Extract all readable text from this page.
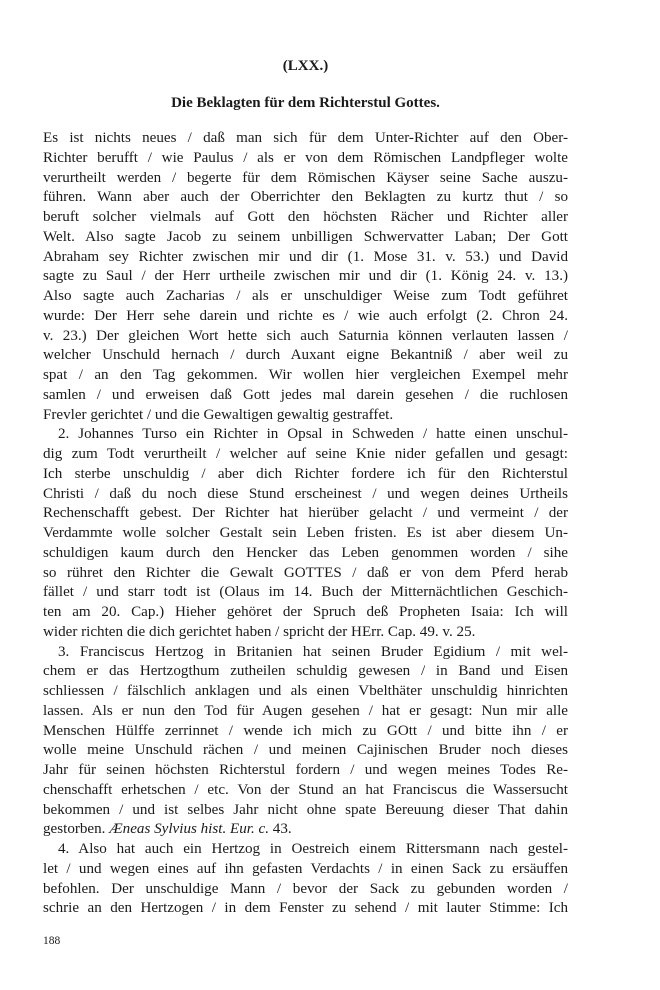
(LXX.)
Die Beklagten für dem Richterstul Gottes.
Es ist nichts neues / daß man sich für dem Unter-Richter auf den Ober-
Richter berufft / wie Paulus / als er von dem Römischen Landpfleger wolte
verurtheilt werden / begerte für dem Römischen Käyser seine Sache auszu-
führen. Wann aber auch der Oberrichter den Beklagten zu kurtz thut / so
beruft solcher vielmals auf Gott den höchsten Rächer und Richter aller
Welt. Also sagte Jacob zu seinem unbilligen Schwervatter Laban; Der Gott
Abraham sey Richter zwischen mir und dir (1. Mose 31. v. 53.) und David
sagte zu Saul / der Herr urtheile zwischen mir und dir (1. König 24. v. 13.)
Also sagte auch Zacharias / als er unschuldiger Weise zum Todt geführet
wurde: Der Herr sehe darein und richte es / wie auch erfolgt (2. Chron 24.
v. 23.) Der gleichen Wort hette sich auch Saturnia können verlauten lassen /
welcher Unschuld hernach / durch Auxant eigne Bekantniß / aber weil zu
spat / an den Tag gekommen. Wir wollen hier vergleichen Exempel mehr
samlen / und erweisen daß Gott jedes mal darein gesehen / die ruchlosen
Frevler gerichtet / und die Gewaltigen gewaltig gestraffet.
2. Johannes Turso ein Richter in Opsal in Schweden / hatte einen unschul-
dig zum Todt verurtheilt / welcher auf seine Knie nider gefallen und gesagt:
Ich sterbe unschuldig / aber dich Richter fordere ich für den Richterstul
Christi / daß du noch diese Stund erscheinest / und wegen deines Urtheils
Rechenschafft gebest. Der Richter hat hierüber gelacht / und vermeint / der
Verdammte wolle solcher Gestalt sein Leben fristen. Es ist aber diesem Un-
schuldigen kaum durch den Hencker das Leben genommen worden / sihe
so rühret den Richter die Gewalt GOTTES / daß er von dem Pferd herab
fället / und starr todt ist (Olaus im 14. Buch der Mitternächtlichen Geschich-
ten am 20. Cap.) Hieher gehöret der Spruch deß Propheten Isaia: Ich will
wider richten die dich gerichtet haben / spricht der HErr. Cap. 49. v. 25.
3. Franciscus Hertzog in Britanien hat seinen Bruder Egidium / mit wel-
chem er das Hertzogthum zutheilen schuldig gewesen / in Band und Eisen
schliessen / fälschlich anklagen und als einen Vbelthäter unschuldig hinrichten
lassen. Als er nun den Tod für Augen gesehen / hat er gesagt: Nun mir alle
Menschen Hülffe zerrinnet / wende ich mich zu GOtt / und bitte ihn / er
wolle meine Unschuld rächen / und meinen Cajinischen Bruder noch dieses
Jahr für seinen höchsten Richterstul fordern / und wegen meines Todes Re-
chenschafft erhetschen / etc. Von der Stund an hat Franciscus die Wassersucht
bekommen / und ist selbes Jahr nicht ohne spate Bereuung dieser That dahin
gestorben. Æneas Sylvius hist. Eur. c. 43.
4. Also hat auch ein Hertzog in Oestreich einem Rittersmann nach gestel-
let / und wegen eines auf ihn gefasten Verdachts / in einen Sack zu ersäuffen
befohlen. Der unschuldige Mann / bevor der Sack zu gebunden worden /
schrie an den Hertzogen / in dem Fenster zu sehend / mit lauter Stimme: Ich

188
